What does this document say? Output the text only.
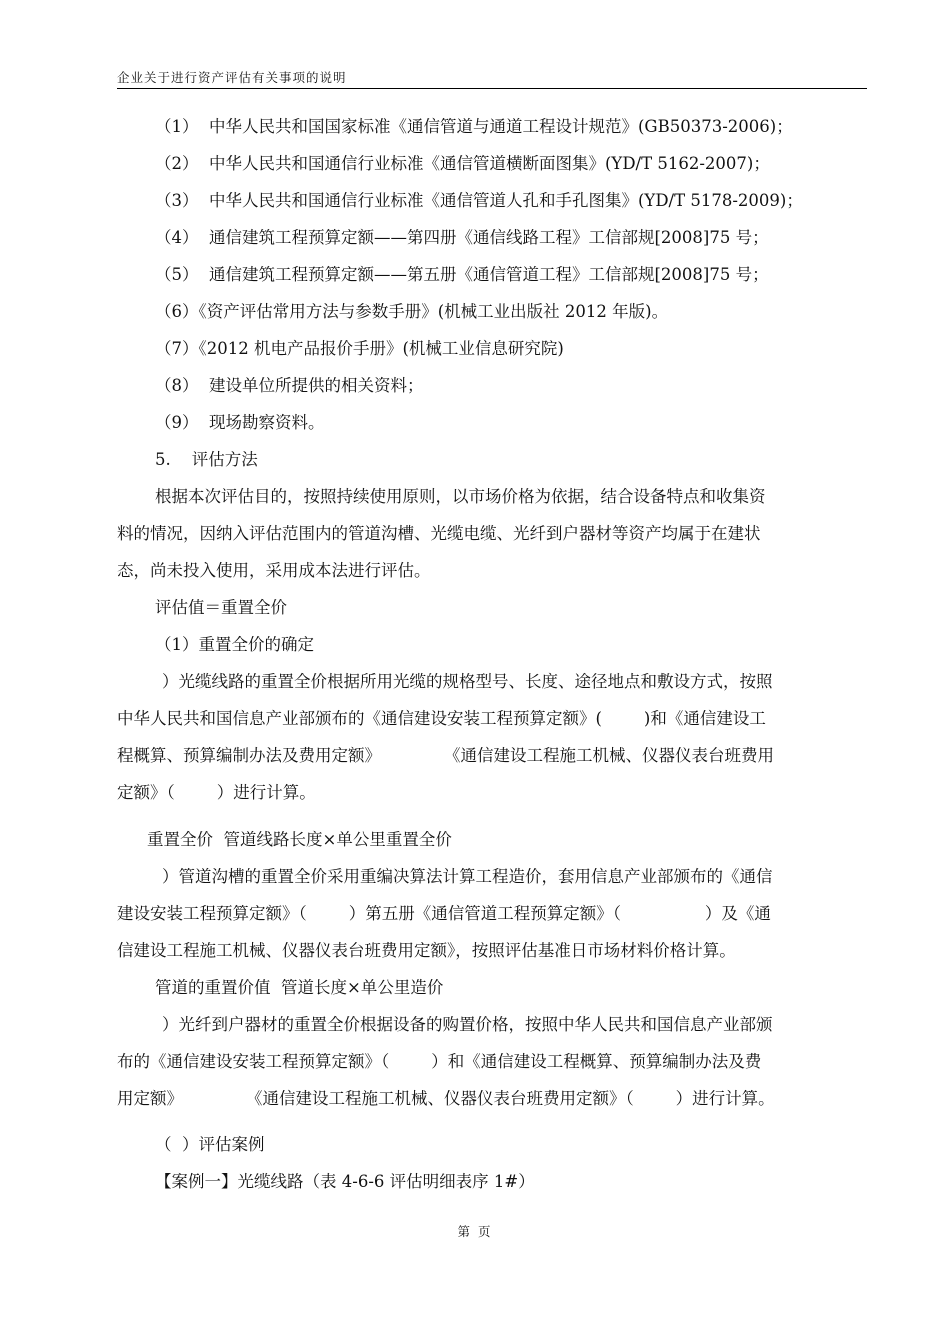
企业关于进行资产评估有关事项的说明
（1）  中华人民共和国国家标准《通信管道与通道工程设计规范》(GB50373-2006)；
（2）  中华人民共和国通信行业标准《通信管道横断面图集》(YD/T 5162-2007)；
（3）  中华人民共和国通信行业标准《通信管道人孔和手孔图集》(YD/T 5178-2009)；
（4）  通信建筑工程预算定额——第四册《通信线路工程》工信部规[2008]75 号；
（5）  通信建筑工程预算定额——第五册《通信管道工程》工信部规[2008]75 号；
（6）《资产评估常用方法与参数手册》(机械工业出版社 2012 年版)。
（7）《2012 机电产品报价手册》(机械工业信息研究院)
（8）  建设单位所提供的相关资料；
（9）  现场勘察资料。
5.    评估方法
根据本次评估目的，按照持续使用原则，以市场价格为依据，结合设备特点和收集资
料的情况，因纳入评估范围内的管道沟槽、光缆电缆、光纤到户器材等资产均属于在建状
态，尚未投入使用，采用成本法进行评估。
评估值＝重置全价
（1）重置全价的确定
）光缆线路的重置全价根据所用光缆的规格型号、长度、途径地点和敷设方式，按照
中华人民共和国信息产业部颁布的《通信建设安装工程预算定额》(        )和《通信建设工
程概算、预算编制办法及费用定额》            《通信建设工程施工机械、仪器仪表台班费用
定额》（        ）进行计算。
重置全价  管道线路长度×单公里重置全价
）管道沟槽的重置全价采用重编决算法计算工程造价，套用信息产业部颁布的《通信
建设安装工程预算定额》（        ）第五册《通信管道工程预算定额》（                ）及《通
信建设工程施工机械、仪器仪表台班费用定额》，按照评估基准日市场材料价格计算。
管道的重置价值  管道长度×单公里造价
）光纤到户器材的重置全价根据设备的购置价格，按照中华人民共和国信息产业部颁
布的《通信建设安装工程预算定额》（        ）和《通信建设工程概算、预算编制办法及费
用定额》            《通信建设工程施工机械、仪器仪表台班费用定额》（        ）进行计算。
（  ）评估案例
【案例一】光缆线路（表 4-6-6 评估明细表序 1#）
第 页
